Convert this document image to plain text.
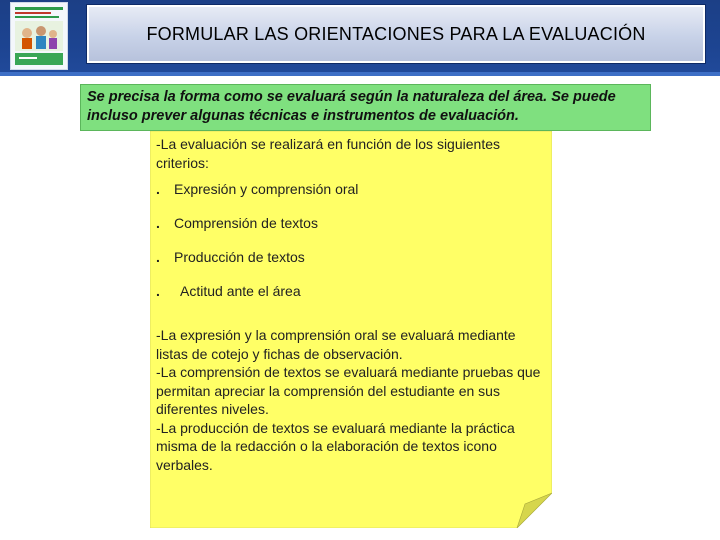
FORMULAR LAS ORIENTACIONES PARA LA EVALUACIÓN
Se precisa la forma como se evaluará según la naturaleza del área. Se puede incluso prever algunas técnicas e instrumentos de evaluación.

-La evaluación se realizará en función de los siguientes criterios:

.	Expresión y comprensión oral
.	Comprensión de textos
.	Producción de textos
.	Actitud ante el área

-La expresión y la comprensión oral se evaluará mediante listas de cotejo y fichas de observación.

-La comprensión de textos se evaluará mediante pruebas que permitan apreciar la comprensión del estudiante en sus diferentes niveles.

-La producción de textos se evaluará mediante la práctica misma de la redacción o la elaboración de textos icono verbales.
